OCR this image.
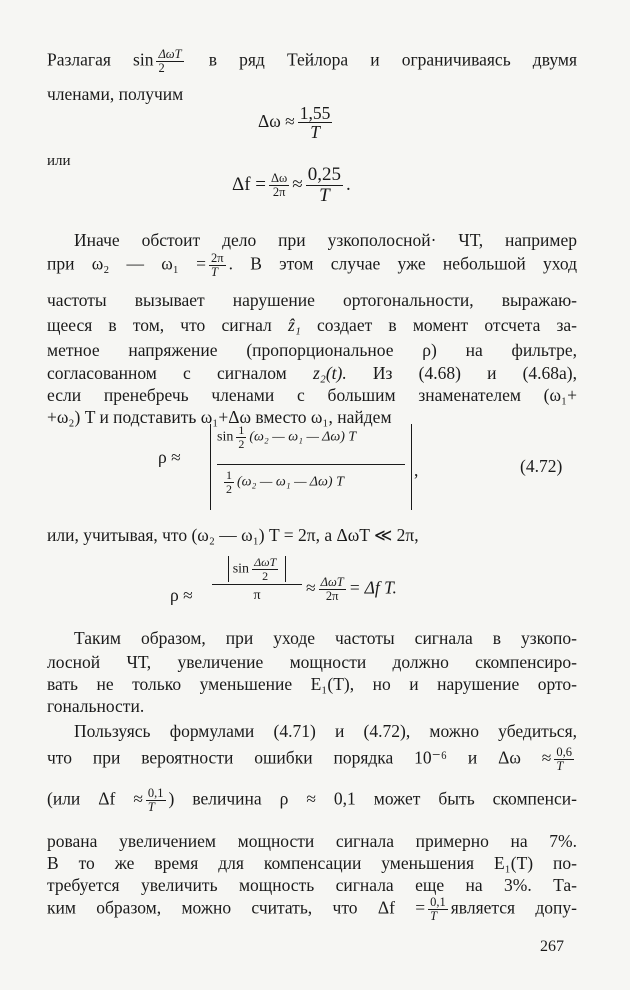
Разлагая $\sin \frac{\text{ΔωT}}{2}$ в ряд Тейлора и ограничиваясь двумя
членами, получим
$\Delta\omega \approx \frac{1,55}{T}$
или
$\Delta f = \frac{\Delta\omega}{2\pi} \approx \frac{0,25}{T}$ .
Иначе обстоит дело при узкополосной· ЧТ, например
при ω₂ — $\omega_1 = \frac{2\pi}{T}$ . В этом случае уже небольшой уход
частоты вызывает нарушение ортогональности, выражаю-
щееся в том, что сигнал ẑ₁ создает в момент отсчета за-
метное напряжение (пропорциональное ρ) на фильтре,
согласованном с сигналом z₂(t). Из (4.68) и (4.68а),
если пренебречь членами с большим знаменателем (ω₁+
+ω₂) T и подставить ω₁+Δω вместо ω₁, найдем
ρ ≈
$\sin \frac{1}{2} (\omega_2$ — ω₁ — Δω) T
$\frac{1}{2} (\omega_2$ — ω₁ — Δω) T
,	(4.72)
или, учитывая, что (ω₂ — ω₁) T = 2π, а ΔωT ≪ 2π,
ρ ≈
$\sin \frac{\text{ΔωT}}{2}$
π	≈ $\frac{\text{ΔωT}}{2\pi} = \Delta f$ T.
Таким образом, при уходе частоты сигнала в узкопо-
лосной ЧТ, увеличение мощности должно скомпенсиро-
вать не только уменьшение E₁(T), но и нарушение орто-
гональности.
Пользуясь формулами (4.71) и (4.72), можно убедиться,
что при вероятности ошибки порядка 10⁻⁶ и $\Delta\omega \approx \frac{0,6}{T}$
(или $\Delta f \approx \frac{0,1}{T}$ ) величина ρ ≈ 0,1 может быть скомпенси-
рована увеличением мощности сигнала примерно на 7%.
В то же время для компенсации уменьшения E₁(T) по-
требуется увеличить мощность сигнала еще на 3%. Та-
ким образом, можно считать, что $\Delta f = \frac{0,1}{T}$ является допу-
267
